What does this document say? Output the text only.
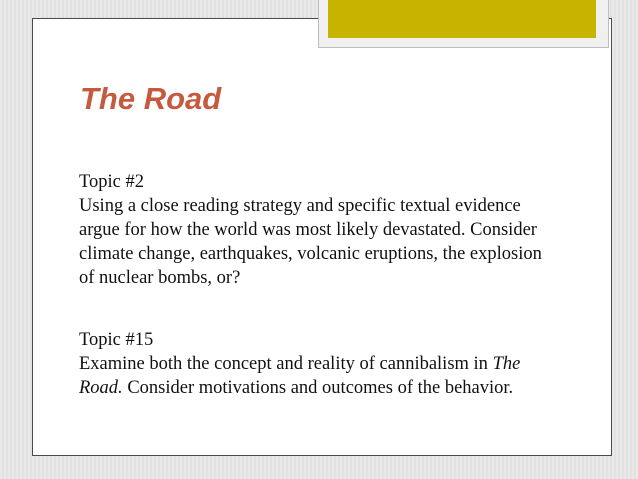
The Road

Topic #2

Using a close reading strategy and specific textual evidence argue for how the world was most likely devastated. Consider climate change, earthquakes, volcanic eruptions, the explosion of nuclear bombs, or?

Topic #15

Examine both the concept and reality of cannibalism in The Road. Consider motivations and outcomes of the behavior.
